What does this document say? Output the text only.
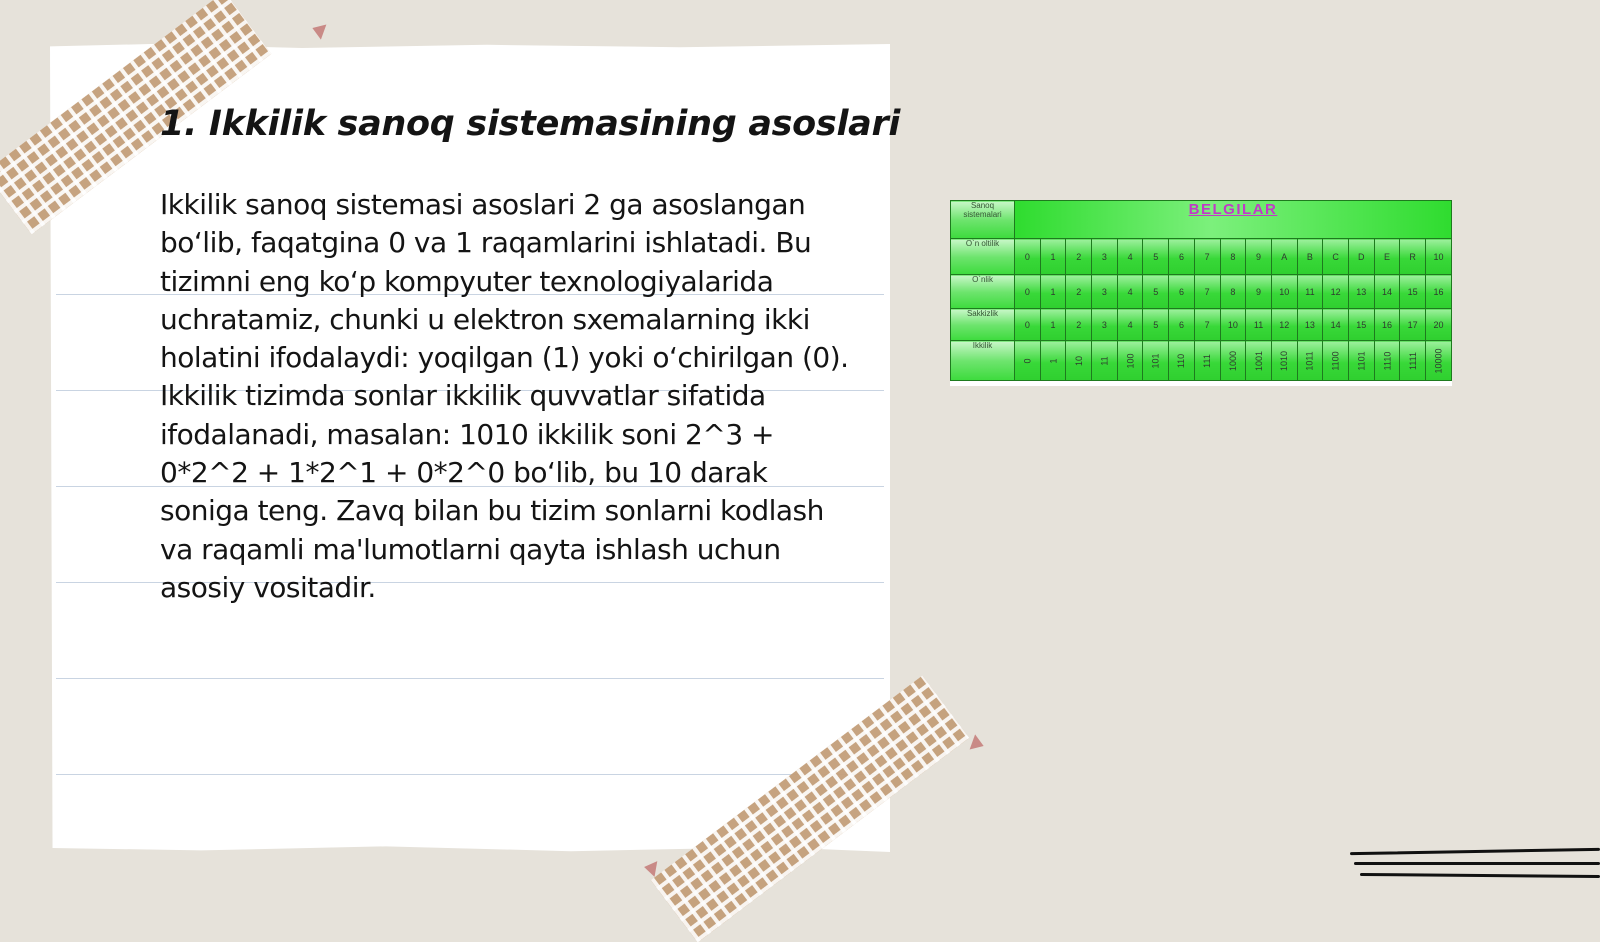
1. Ikkilik sanoq sistemasining asoslari
Ikkilik sanoq sistemasi asoslari 2 ga asoslangan bo‘lib, faqatgina 0 va 1 raqamlarini ishlatadi. Bu tizimni eng ko‘p kompyuter texnologiyalarida uchratamiz, chunki u elektron sxemalarning ikki holatini ifodalaydi: yoqilgan (1) yoki o‘chirilgan (0). Ikkilik tizimda sonlar ikkilik quvvatlar sifatida ifodalanadi, masalan: 1010 ikkilik soni 2^3 + 0*2^2 + 1*2^1 + 0*2^0 bo‘lib, bu 10 darak soniga teng. Zavq bilan bu tizim sonlarni kodlash va raqamli ma'lumotlarni qayta ishlash uchun asosiy vositadir.
Sanoq sistemalari	BELGILAR																
O`n oltilik	0	1	2	3	4	5	6	7	8	9	A	B	C	D	E	R	10
O`nlik	0	1	2	3	4	5	6	7	8	9	10	11	12	13	14	15	16
Sakkizlik	0	1	2	3	4	5	6	7	10	11	12	13	14	15	16	17	20
Ikkilik	0	1	10	11	100	101	110	111	1000	1001	1010	1011	1100	1101	1110	1111	10000
